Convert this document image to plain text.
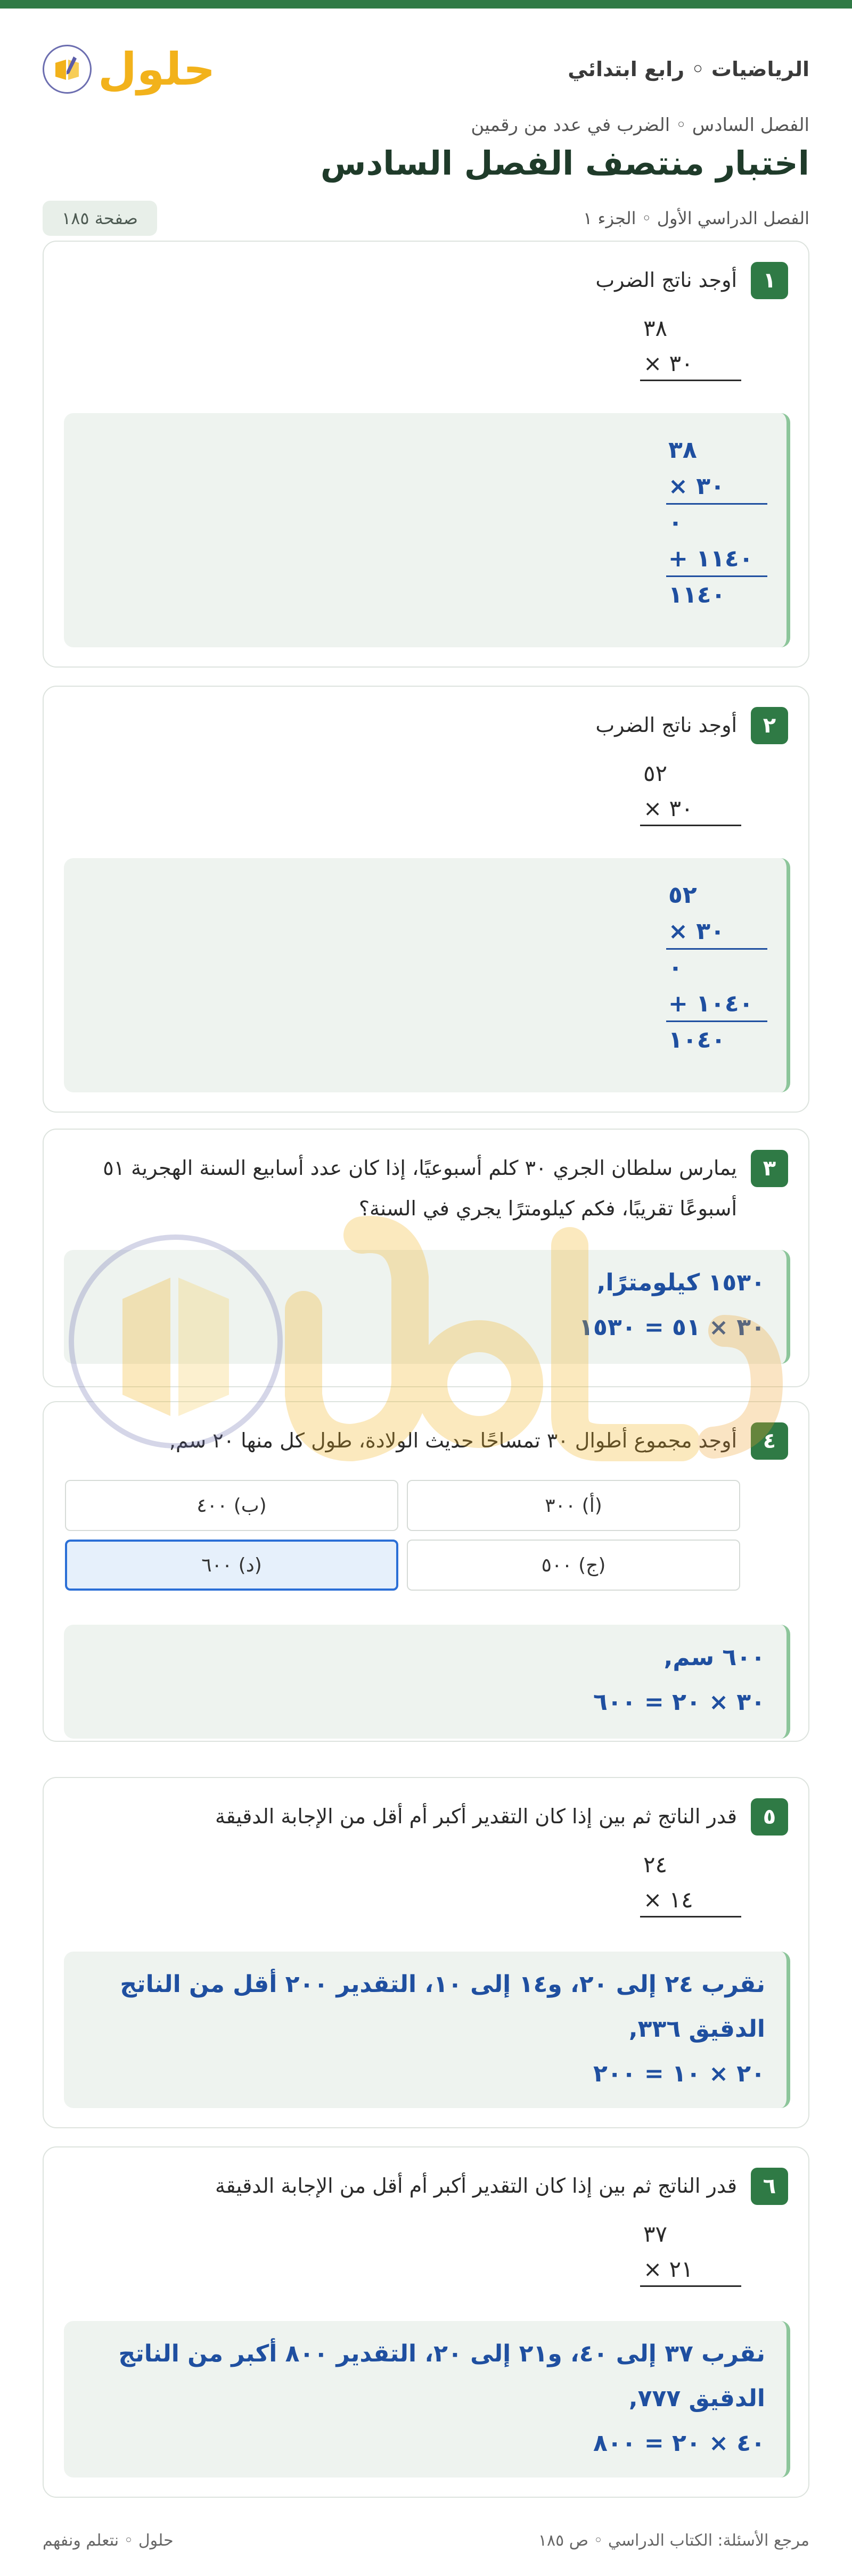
الرياضيات ◦ رابع ابتدائي
حلول
الفصل السادس ◦ الضرب في عدد من رقمين
اختبار منتصف الفصل السادس
الفصل الدراسي الأول ◦ الجزء ١
صفحة ١٨٥
١
أوجد ناتج الضرب
٣٨
× ٣٠
٣٨
× ٣٠
٠
+ ١١٤٠
١١٤٠
٢
أوجد ناتج الضرب
٥٢
× ٣٠
٥٢
× ٣٠
٠
+ ١٠٤٠
١٠٤٠
٣
يمارس سلطان الجري ٣٠ كلم أسبوعيًا، إذا كان عدد أسابيع السنة الهجرية ٥١ أسبوعًا تقريبًا، فكم كيلومترًا يجري في السنة؟
١٥٣٠ كيلومترًا,
٣٠ × ٥١ = ١٥٣٠
٤
أوجد مجموع أطوال ٣٠ تمساحًا حديث الولادة، طول كل منها ٢٠ سم,
(أ) ٣٠٠
(ب) ٤٠٠
(ج) ٥٠٠
(د) ٦٠٠
٦٠٠ سم,
٣٠ × ٢٠ = ٦٠٠
٥
قدر الناتج ثم بين إذا كان التقدير أكبر أم أقل من الإجابة الدقيقة
٢٤
× ١٤
نقرب ٢٤ إلى ٢٠، و١٤ إلى ١٠، التقدير ٢٠٠ أقل من الناتج الدقيق ٣٣٦,
٢٠ × ١٠ = ٢٠٠
٦
قدر الناتج ثم بين إذا كان التقدير أكبر أم أقل من الإجابة الدقيقة
٣٧
× ٢١
نقرب ٣٧ إلى ٤٠، و٢١ إلى ٢٠، التقدير ٨٠٠ أكبر من الناتج الدقيق ٧٧٧,
٤٠ × ٢٠ = ٨٠٠
مرجع الأسئلة: الكتاب الدراسي ◦ ص ١٨٥
حلول ◦ نتعلم ونفهم
